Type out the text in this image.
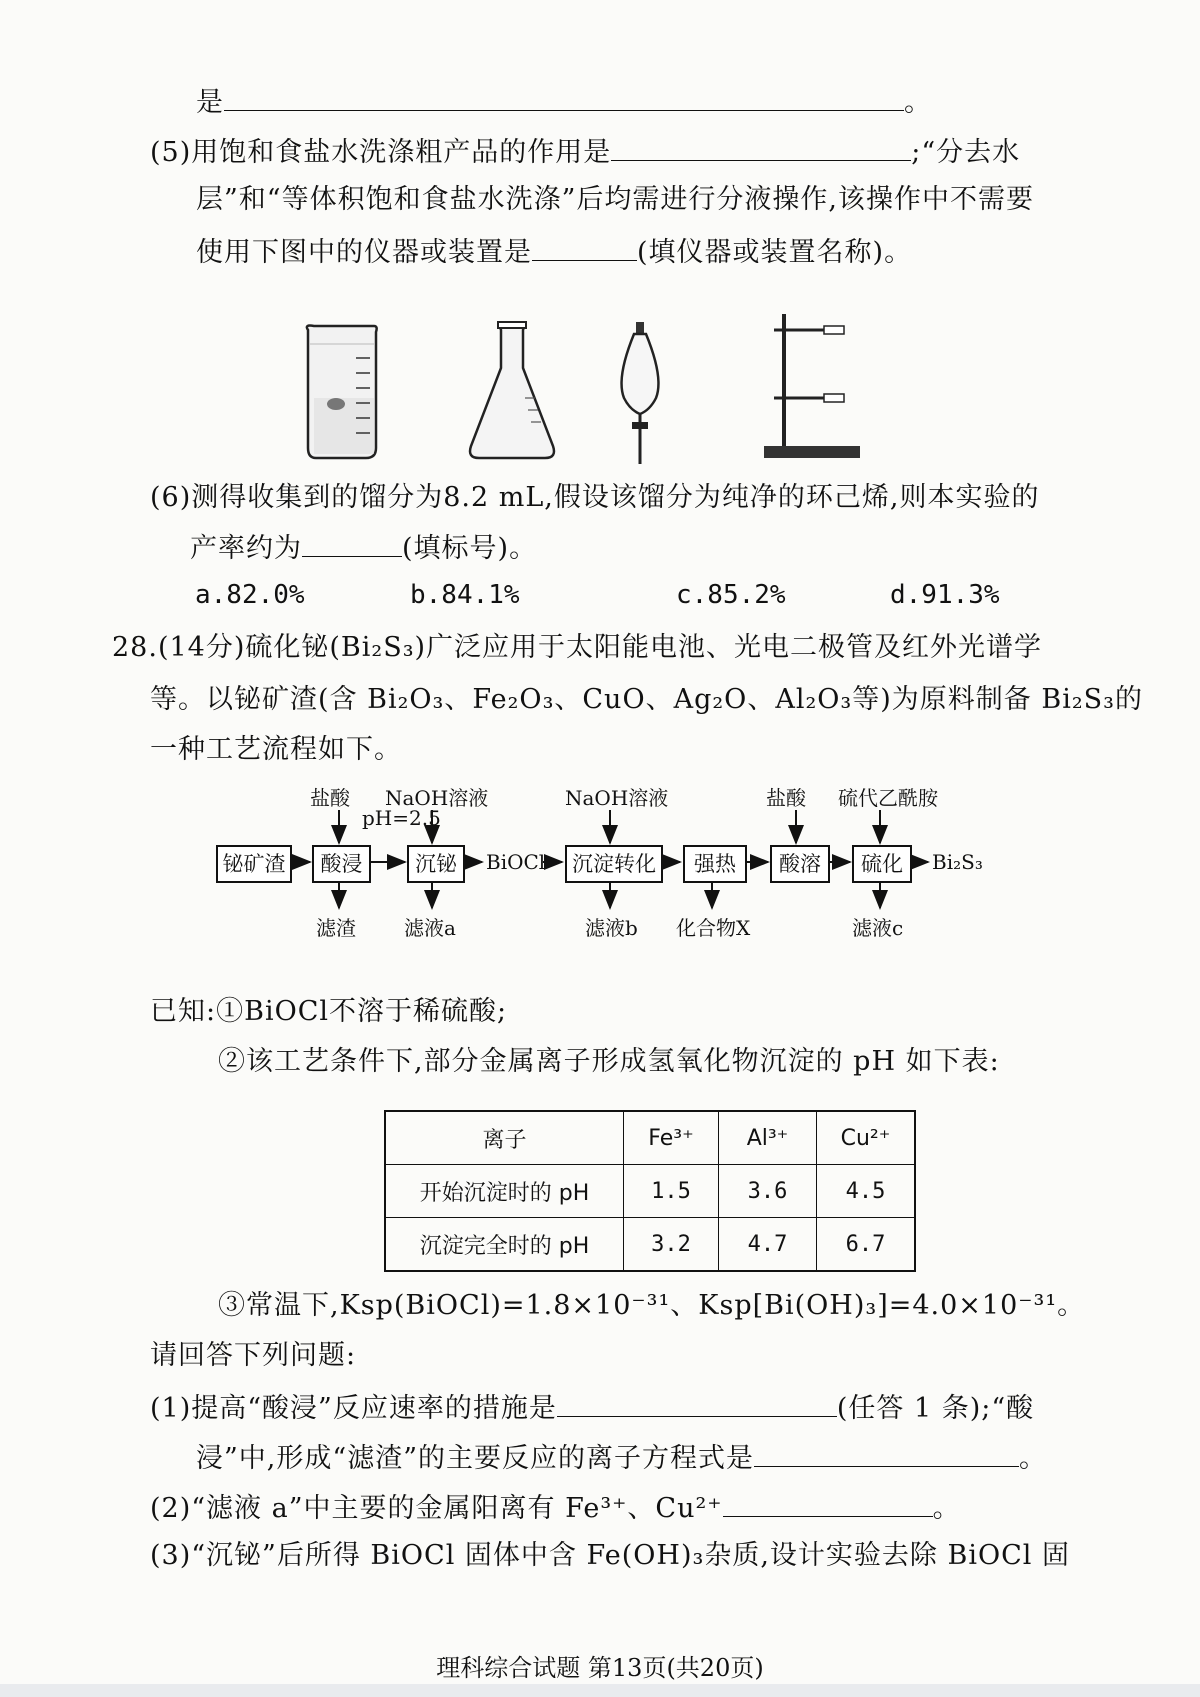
是	。
(5)用饱和食盐水洗涤粗产品的作用是	;“分去水
层”和“等体积饱和食盐水洗涤”后均需进行分液操作,该操作中不需要
使用下图中的仪器或装置是	(填仪器或装置名称)。
(6)测得收集到的馏分为8.2 mL,假设该馏分为纯净的环己烯,则本实验的
产率约为	(填标号)。
a.82.0%	b.84.1%	c.85.2%	d.91.3%
28.(14分)硫化铋(Bi₂S₃)广泛应用于太阳能电池、光电二极管及红外光谱学
等。以铋矿渣(含 Bi₂O₃、Fe₂O₃、CuO、Ag₂O、Al₂O₃等)为原料制备 Bi₂S₃的
一种工艺流程如下。
铋矿渣	酸浸	沉铋	沉淀转化	强热	酸溶	硫化
盐酸 NaOH溶液
pH=2.5
NaOH溶液	盐酸 硫代乙酰胺
BiOCl	Bi₂S₃
滤渣 滤液a	滤液b 化合物X	滤液c
已知:①BiOCl不溶于稀硫酸;
②该工艺条件下,部分金属离子形成氢氧化物沉淀的 pH 如下表:
离子	Fe³⁺	Al³⁺	Cu²⁺
开始沉淀时的 pH	1.5	3.6	4.5
沉淀完全时的 pH	3.2	4.7	6.7
③常温下,Ksp(BiOCl)=1.8×10⁻³¹、Ksp[Bi(OH)₃]=4.0×10⁻³¹。
请回答下列问题:
(1)提高“酸浸”反应速率的措施是	(任答 1 条);“酸
浸”中,形成“滤渣”的主要反应的离子方程式是	。
(2)“滤液 a”中主要的金属阳离有 Fe³⁺、Cu²⁺	。
(3)“沉铋”后所得 BiOCl 固体中含 Fe(OH)₃杂质,设计实验去除 BiOCl 固
理科综合试题 第13页(共20页)
